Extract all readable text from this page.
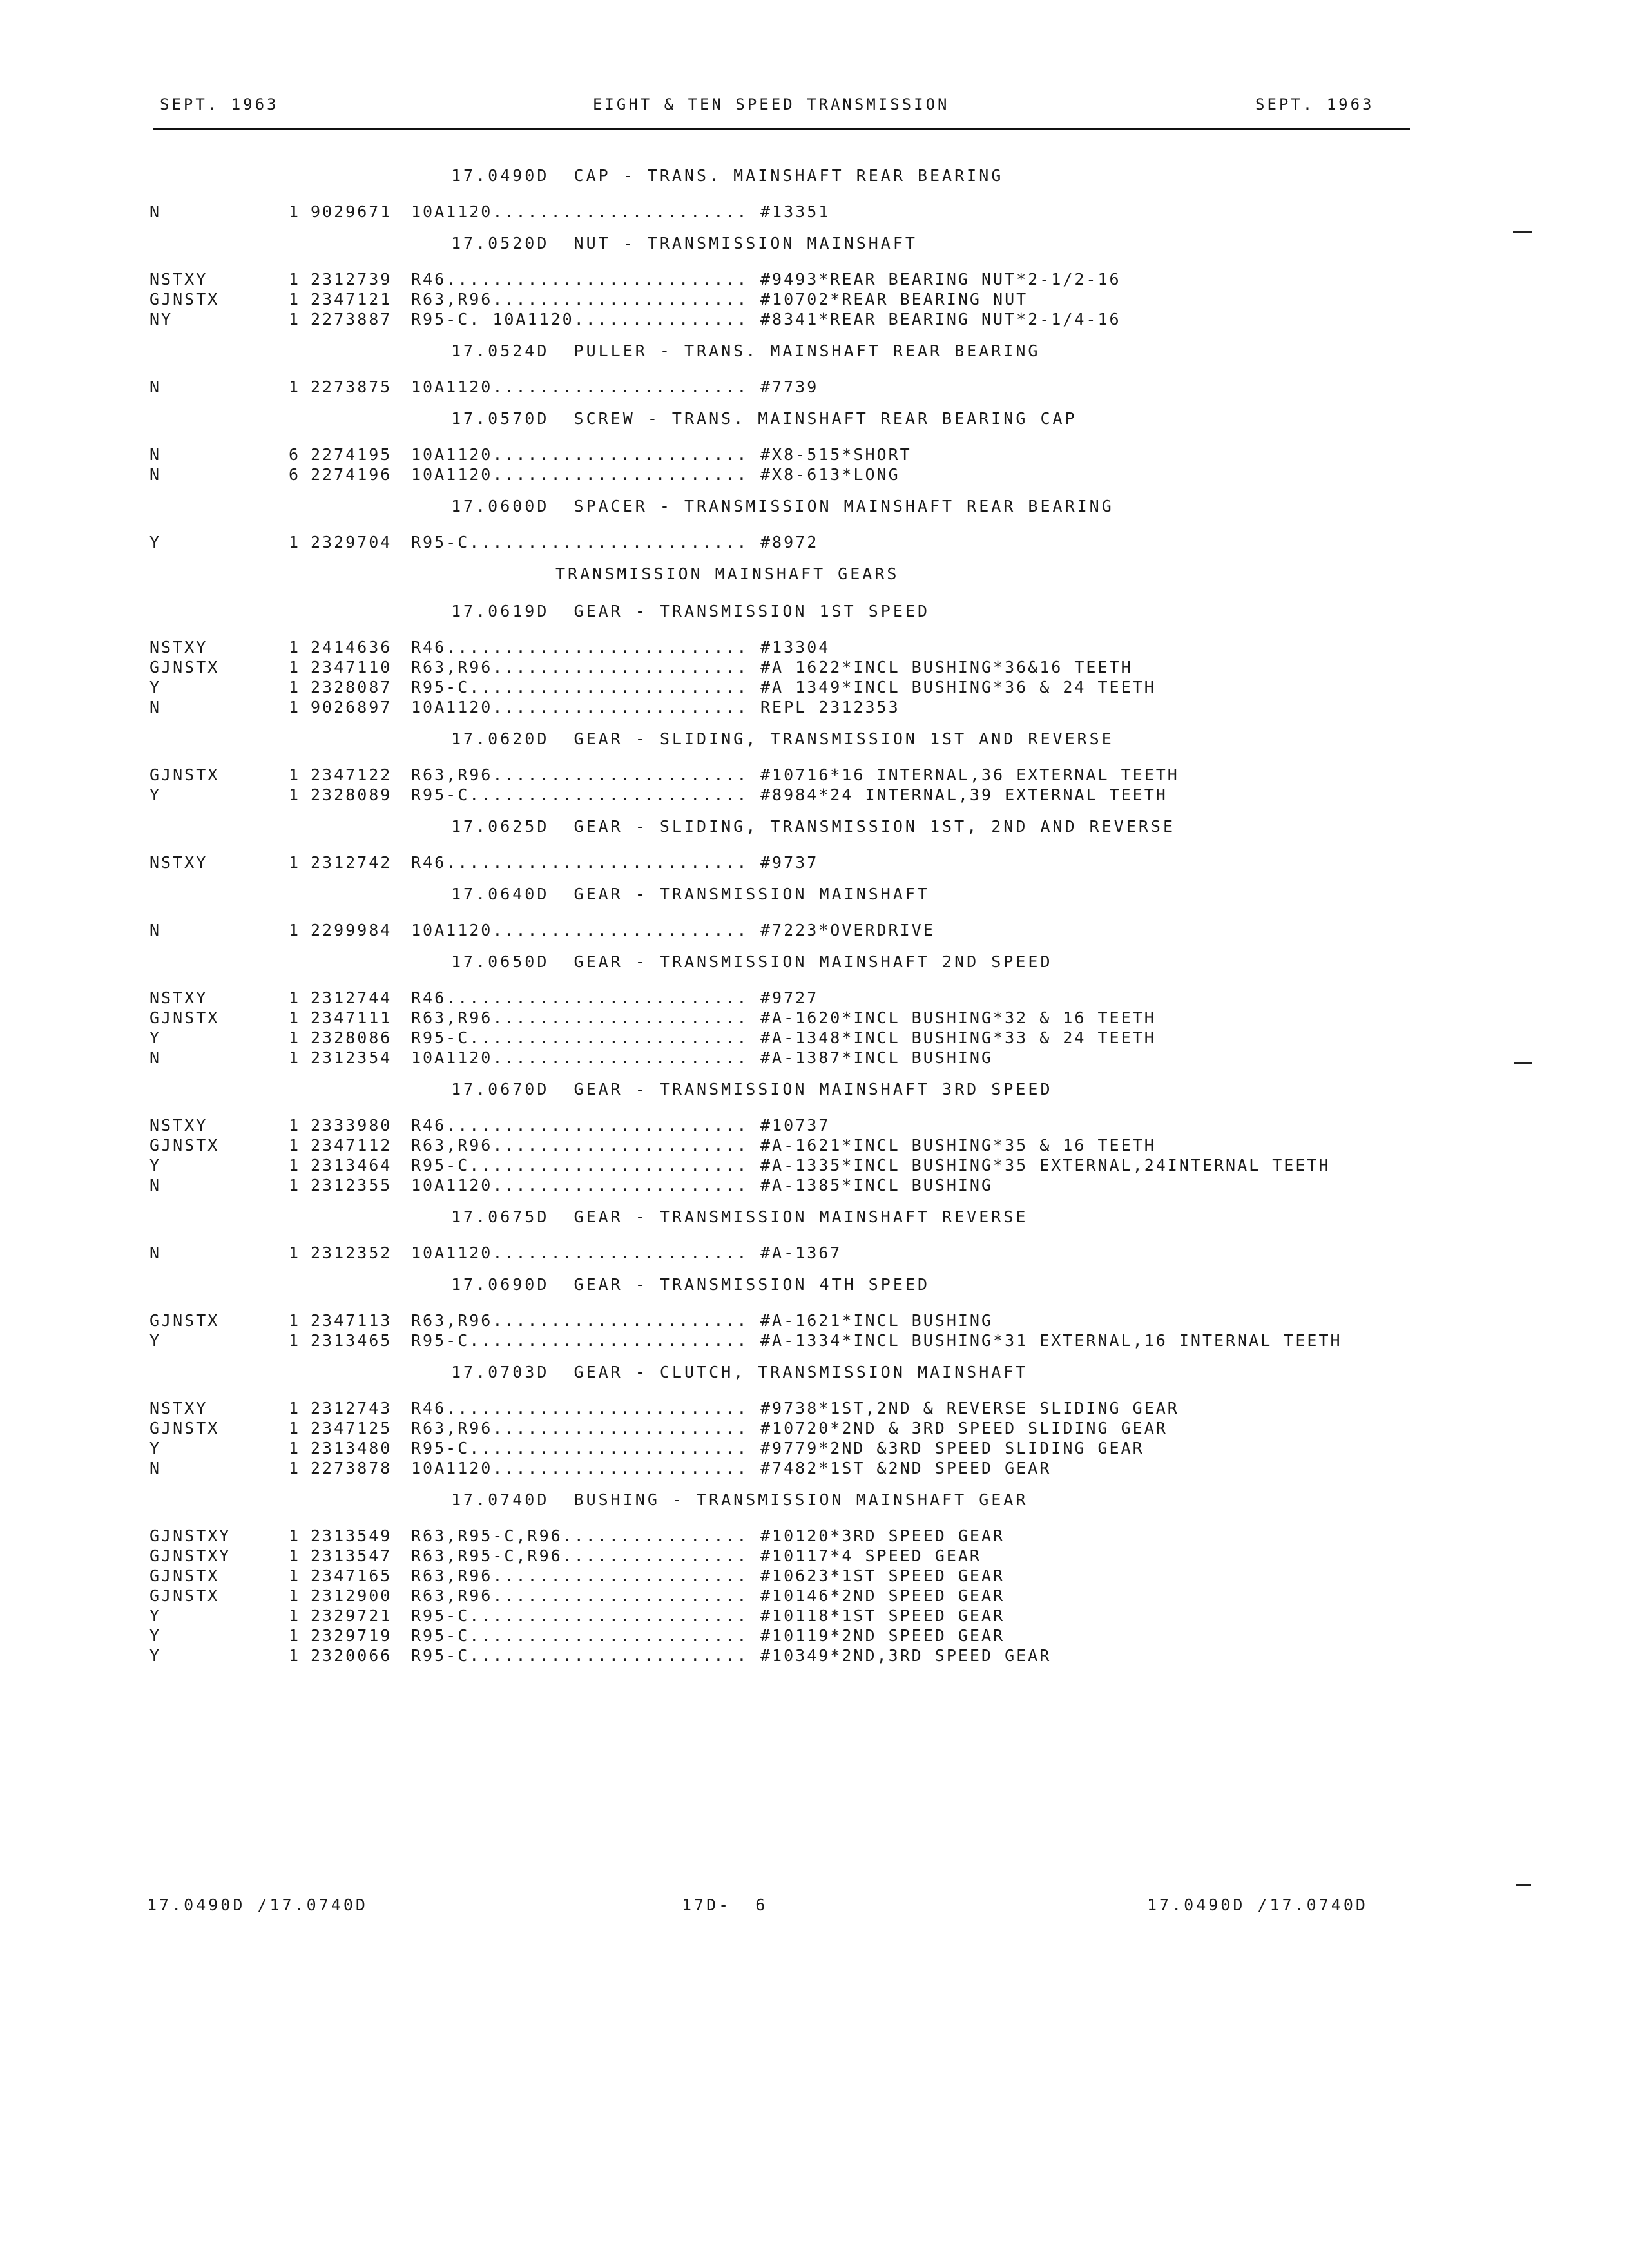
SEPT. 1963	EIGHT & TEN SPEED TRANSMISSION	SEPT. 1963
17.0490D  CAP - TRANS. MAINSHAFT REAR BEARING
N	1 9029671 10A1120...................... #13351
17.0520D  NUT - TRANSMISSION MAINSHAFT
NSTXY	1 2312739 R46.......................... #9493*REAR BEARING NUT*2-1/2-16
GJNSTX	1 2347121 R63,R96...................... #10702*REAR BEARING NUT
NY	1 2273887 R95-C. 10A1120............... #8341*REAR BEARING NUT*2-1/4-16
17.0524D  PULLER - TRANS. MAINSHAFT REAR BEARING
N	1 2273875 10A1120...................... #7739
17.0570D  SCREW - TRANS. MAINSHAFT REAR BEARING CAP
N	6 2274195 10A1120...................... #X8-515*SHORT
N	6 2274196 10A1120...................... #X8-613*LONG
17.0600D  SPACER - TRANSMISSION MAINSHAFT REAR BEARING
Y	1 2329704 R95-C........................ #8972
TRANSMISSION MAINSHAFT GEARS
17.0619D  GEAR - TRANSMISSION 1ST SPEED
NSTXY	1 2414636 R46.......................... #13304
GJNSTX	1 2347110 R63,R96...................... #A 1622*INCL BUSHING*36&16 TEETH
Y	1 2328087 R95-C........................ #A 1349*INCL BUSHING*36 & 24 TEETH
N	1 9026897 10A1120...................... REPL 2312353
17.0620D  GEAR - SLIDING, TRANSMISSION 1ST AND REVERSE
GJNSTX	1 2347122 R63,R96...................... #10716*16 INTERNAL,36 EXTERNAL TEETH
Y	1 2328089 R95-C........................ #8984*24 INTERNAL,39 EXTERNAL TEETH
17.0625D  GEAR - SLIDING, TRANSMISSION 1ST, 2ND AND REVERSE
NSTXY	1 2312742 R46.......................... #9737
17.0640D  GEAR - TRANSMISSION MAINSHAFT
N	1 2299984 10A1120...................... #7223*OVERDRIVE
17.0650D  GEAR - TRANSMISSION MAINSHAFT 2ND SPEED
NSTXY	1 2312744 R46.......................... #9727
GJNSTX	1 2347111 R63,R96...................... #A-1620*INCL BUSHING*32 & 16 TEETH
Y	1 2328086 R95-C........................ #A-1348*INCL BUSHING*33 & 24 TEETH
N	1 2312354 10A1120...................... #A-1387*INCL BUSHING
17.0670D  GEAR - TRANSMISSION MAINSHAFT 3RD SPEED
NSTXY	1 2333980 R46.......................... #10737
GJNSTX	1 2347112 R63,R96...................... #A-1621*INCL BUSHING*35 & 16 TEETH
Y	1 2313464 R95-C........................ #A-1335*INCL BUSHING*35 EXTERNAL,24INTERNAL TEETH
N	1 2312355 10A1120...................... #A-1385*INCL BUSHING
17.0675D  GEAR - TRANSMISSION MAINSHAFT REVERSE
N	1 2312352 10A1120...................... #A-1367
17.0690D  GEAR - TRANSMISSION 4TH SPEED
GJNSTX	1 2347113 R63,R96...................... #A-1621*INCL BUSHING
Y	1 2313465 R95-C........................ #A-1334*INCL BUSHING*31 EXTERNAL,16 INTERNAL TEETH
17.0703D  GEAR - CLUTCH, TRANSMISSION MAINSHAFT
NSTXY	1 2312743 R46.......................... #9738*1ST,2ND & REVERSE SLIDING GEAR
GJNSTX	1 2347125 R63,R96...................... #10720*2ND & 3RD SPEED SLIDING GEAR
Y	1 2313480 R95-C........................ #9779*2ND &3RD SPEED SLIDING GEAR
N	1 2273878 10A1120...................... #7482*1ST &2ND SPEED GEAR
17.0740D  BUSHING - TRANSMISSION MAINSHAFT GEAR
GJNSTXY	1 2313549 R63,R95-C,R96................ #10120*3RD SPEED GEAR
GJNSTXY	1 2313547 R63,R95-C,R96................ #10117*4 SPEED GEAR
GJNSTX	1 2347165 R63,R96...................... #10623*1ST SPEED GEAR
GJNSTX	1 2312900 R63,R96...................... #10146*2ND SPEED GEAR
Y	1 2329721 R95-C........................ #10118*1ST SPEED GEAR
Y	1 2329719 R95-C........................ #10119*2ND SPEED GEAR
Y	1 2320066 R95-C........................ #10349*2ND,3RD SPEED GEAR
17.0490D /17.0740D	17D-  6	17.0490D /17.0740D
